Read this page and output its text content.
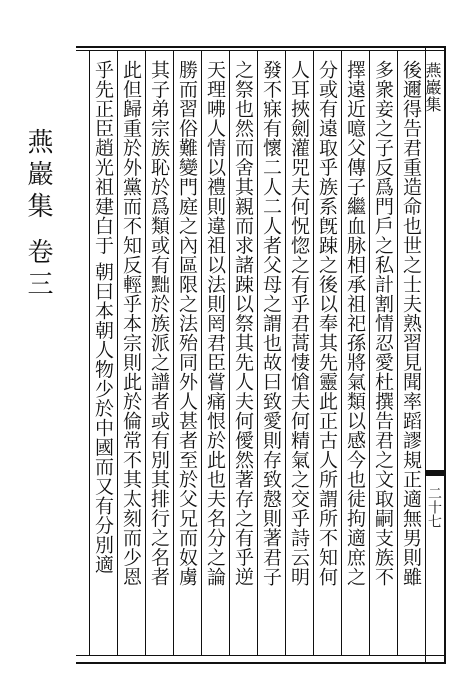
燕巖集
二十七
燕巖集 卷三	後邇得告君重造命也世之士夫熟習見聞率蹈謬規正適無男則雖
多衆妾之子反爲門戶之私計割情忍愛杜撰告君之文取嗣支族不
擇遠近噫父傳子繼血脉相承祖祀孫將氣類以感今也徒拘適庶之
分或有遠取乎族系旣踈之後以奉其先靈此正古人所謂所不知何
人耳挾劍灌兕夫何怳惚之有乎君蒿悽愴夫何精氣之交乎詩云明
發不寐有懷二人二人者父母之謂也故曰致愛則存致慤則著君子
之祭也然而舍其親而求諸踈以祭其先人夫何僾然著存之有乎逆
天理咈人情以禮則違祖以法則罔君臣嘗痛恨於此也夫名分之論
勝而習俗難變門庭之內區限之法殆同外人甚者至於父兄而奴虜
其子弟宗族恥於爲類或有黜於族派之譜者或有別其排行之名者
此但歸重於外黨而不知反輕乎本宗則此於倫常不其太刻而少恩
乎先正臣趙光祖建白于 朝曰本朝人物少於中國而又有分別適
